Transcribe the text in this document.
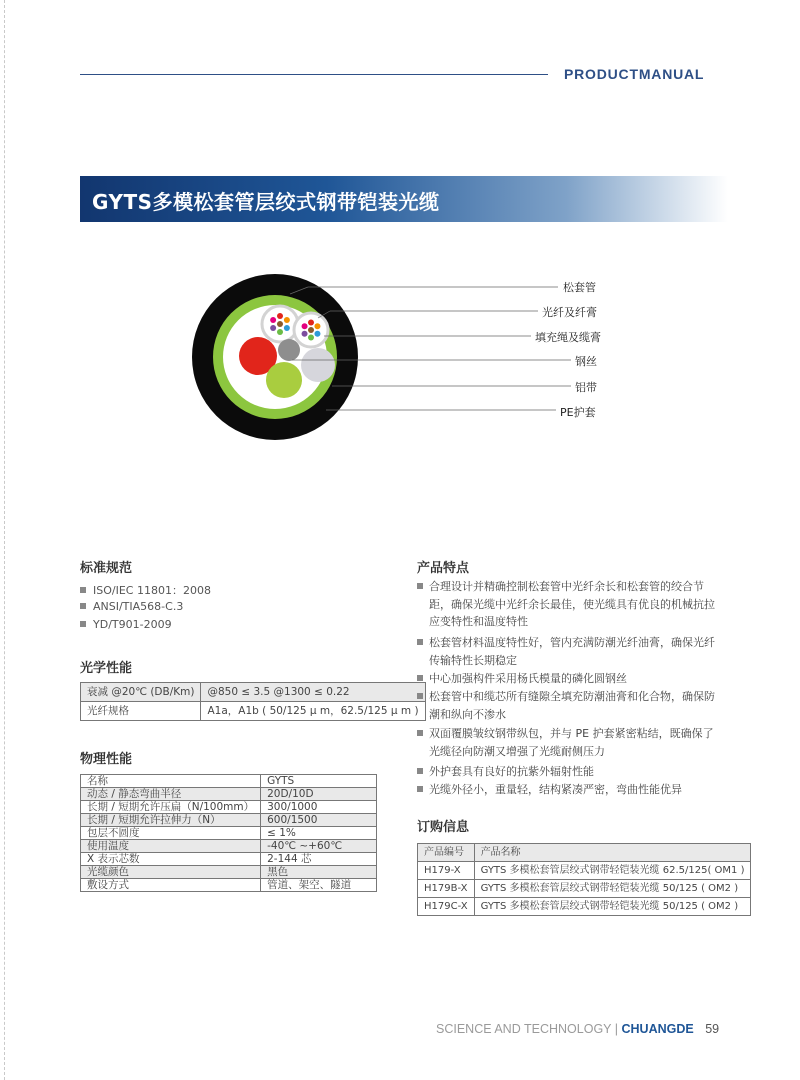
PRODUCTMANUAL
GYTS多模松套管层绞式钢带铠装光缆
松套管
光纤及纤膏
填充绳及缆膏
钢丝
铝带
PE护套
标准规范
ISO/IEC 11801：2008
ANSI/TIA568-C.3
YD/T901-2009
光学性能
衰减 @20℃ (DB/Km)	@850 ≤ 3.5 @1300 ≤ 0.22
光纤规格	A1a，A1b ( 50/125 μ m，62.5/125 μ m )
物理性能
名称	GYTS
动态 / 静态弯曲半径	20D/10D
长期 / 短期允许压扁（N/100mm）	300/1000
长期 / 短期允许拉伸力（N）	600/1500
包层不圆度	≤ 1%
使用温度	-40℃ ~+60℃
X 表示芯数	2-144 芯
光缆颜色	黑色
敷设方式	管道、架空、隧道
产品特点
合理设计并精确控制松套管中光纤余长和松套管的绞合节距，确保光缆中光纤余长最佳，使光缆具有优良的机械抗拉应变特性和温度特性
松套管材料温度特性好，管内充满防潮光纤油膏，确保光纤传输特性长期稳定
中心加强构件采用杨氏模量的磷化圆钢丝
松套管中和缆芯所有缝隙全填充防潮油膏和化合物，确保防潮和纵向不渗水
双面覆膜皱纹钢带纵包，并与 PE 护套紧密粘结，既确保了光缆径向防潮又增强了光缆耐侧压力
外护套具有良好的抗紫外辐射性能
光缆外径小，重量轻，结构紧凑严密，弯曲性能优异
订购信息
产品编号	产品名称
H179-X	GYTS 多模松套管层绞式钢带轻铠装光缆 62.5/125( OM1 )
H179B-X	GYTS 多模松套管层绞式钢带轻铠装光缆 50/125 ( OM2 )
H179C-X	GYTS 多模松套管层绞式钢带轻铠装光缆 50/125 ( OM2 )
SCIENCE AND TECHNOLOGY | CHUANGDE 59
